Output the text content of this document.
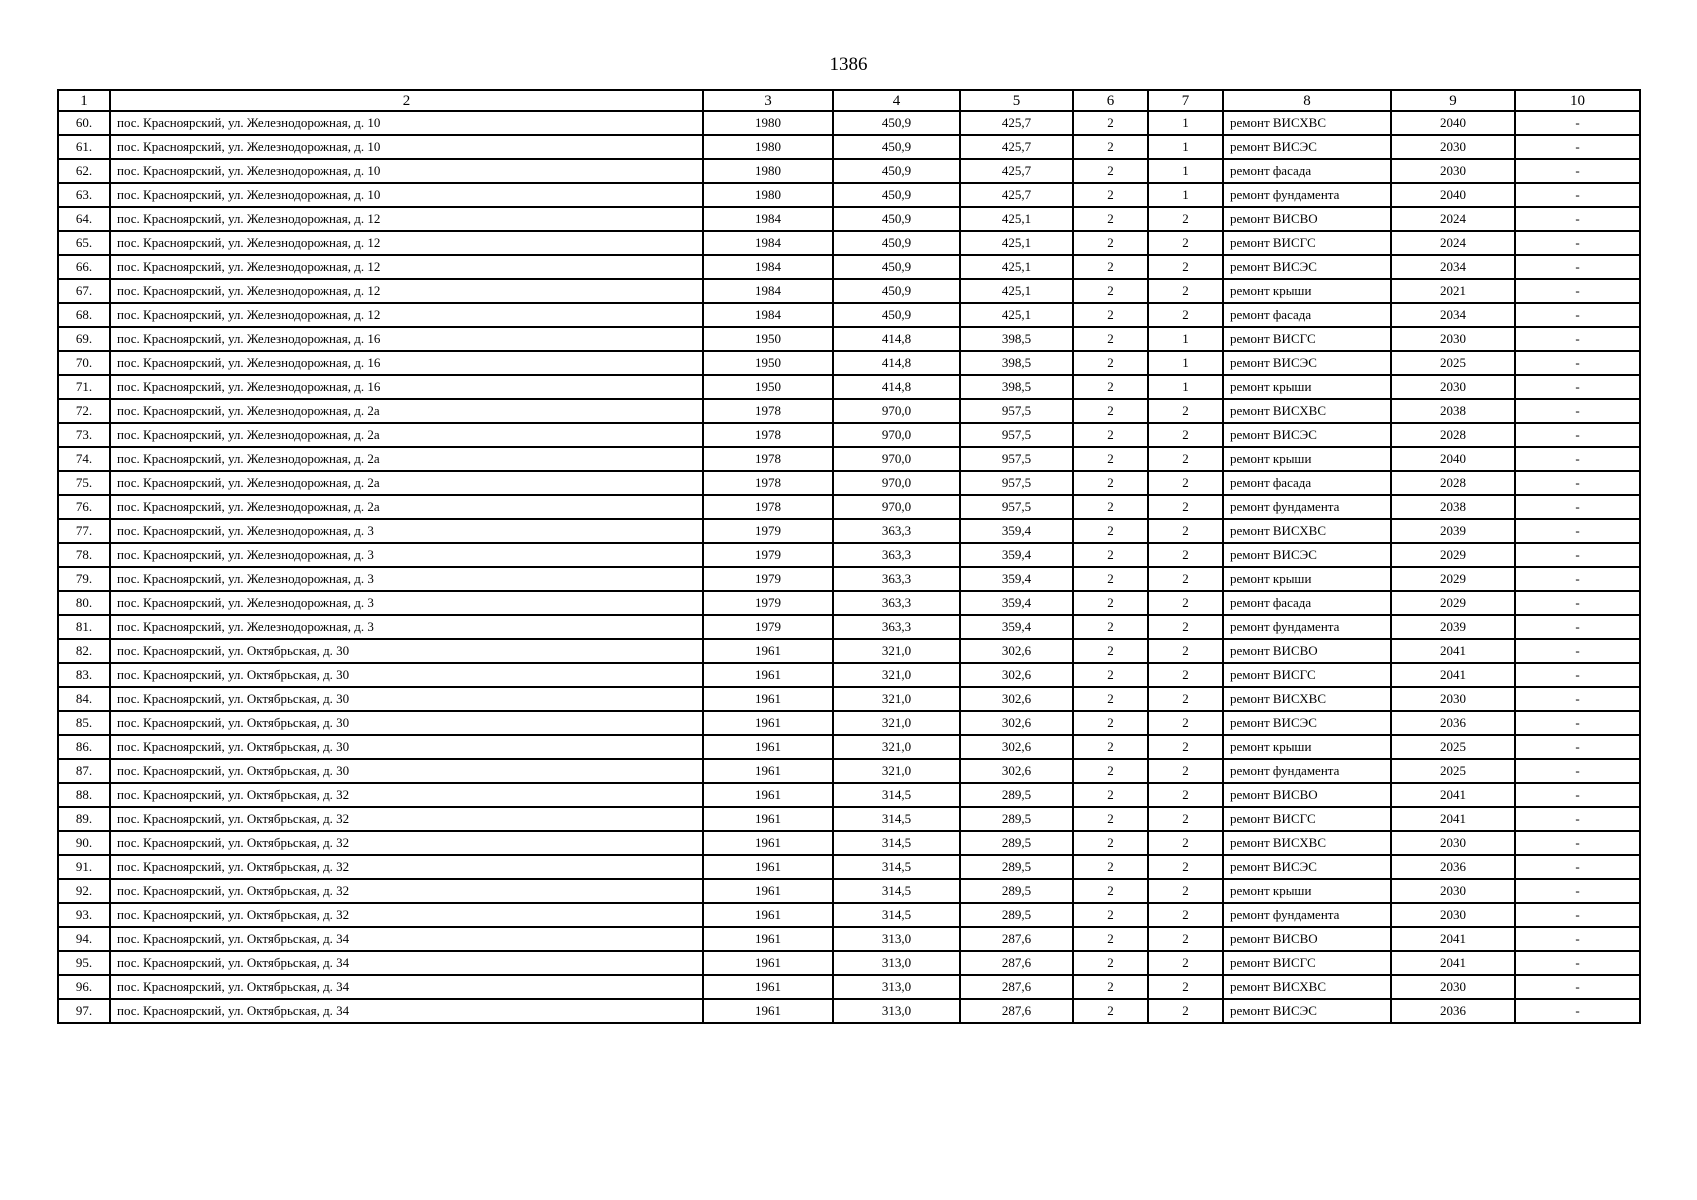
1386
1	2	3	4	5	6	7	8	9	10
60.	пос. Красноярский, ул. Железнодорожная, д. 10	1980	450,9	425,7	2	1	ремонт ВИСХВС	2040	-
61.	пос. Красноярский, ул. Железнодорожная, д. 10	1980	450,9	425,7	2	1	ремонт ВИСЭС	2030	-
62.	пос. Красноярский, ул. Железнодорожная, д. 10	1980	450,9	425,7	2	1	ремонт фасада	2030	-
63.	пос. Красноярский, ул. Железнодорожная, д. 10	1980	450,9	425,7	2	1	ремонт фундамента	2040	-
64.	пос. Красноярский, ул. Железнодорожная, д. 12	1984	450,9	425,1	2	2	ремонт ВИСВО	2024	-
65.	пос. Красноярский, ул. Железнодорожная, д. 12	1984	450,9	425,1	2	2	ремонт ВИСГС	2024	-
66.	пос. Красноярский, ул. Железнодорожная, д. 12	1984	450,9	425,1	2	2	ремонт ВИСЭС	2034	-
67.	пос. Красноярский, ул. Железнодорожная, д. 12	1984	450,9	425,1	2	2	ремонт крыши	2021	-
68.	пос. Красноярский, ул. Железнодорожная, д. 12	1984	450,9	425,1	2	2	ремонт фасада	2034	-
69.	пос. Красноярский, ул. Железнодорожная, д. 16	1950	414,8	398,5	2	1	ремонт ВИСГС	2030	-
70.	пос. Красноярский, ул. Железнодорожная, д. 16	1950	414,8	398,5	2	1	ремонт ВИСЭС	2025	-
71.	пос. Красноярский, ул. Железнодорожная, д. 16	1950	414,8	398,5	2	1	ремонт крыши	2030	-
72.	пос. Красноярский, ул. Железнодорожная, д. 2а	1978	970,0	957,5	2	2	ремонт ВИСХВС	2038	-
73.	пос. Красноярский, ул. Железнодорожная, д. 2а	1978	970,0	957,5	2	2	ремонт ВИСЭС	2028	-
74.	пос. Красноярский, ул. Железнодорожная, д. 2а	1978	970,0	957,5	2	2	ремонт крыши	2040	-
75.	пос. Красноярский, ул. Железнодорожная, д. 2а	1978	970,0	957,5	2	2	ремонт фасада	2028	-
76.	пос. Красноярский, ул. Железнодорожная, д. 2а	1978	970,0	957,5	2	2	ремонт фундамента	2038	-
77.	пос. Красноярский, ул. Железнодорожная, д. 3	1979	363,3	359,4	2	2	ремонт ВИСХВС	2039	-
78.	пос. Красноярский, ул. Железнодорожная, д. 3	1979	363,3	359,4	2	2	ремонт ВИСЭС	2029	-
79.	пос. Красноярский, ул. Железнодорожная, д. 3	1979	363,3	359,4	2	2	ремонт крыши	2029	-
80.	пос. Красноярский, ул. Железнодорожная, д. 3	1979	363,3	359,4	2	2	ремонт фасада	2029	-
81.	пос. Красноярский, ул. Железнодорожная, д. 3	1979	363,3	359,4	2	2	ремонт фундамента	2039	-
82.	пос. Красноярский, ул. Октябрьская, д. 30	1961	321,0	302,6	2	2	ремонт ВИСВО	2041	-
83.	пос. Красноярский, ул. Октябрьская, д. 30	1961	321,0	302,6	2	2	ремонт ВИСГС	2041	-
84.	пос. Красноярский, ул. Октябрьская, д. 30	1961	321,0	302,6	2	2	ремонт ВИСХВС	2030	-
85.	пос. Красноярский, ул. Октябрьская, д. 30	1961	321,0	302,6	2	2	ремонт ВИСЭС	2036	-
86.	пос. Красноярский, ул. Октябрьская, д. 30	1961	321,0	302,6	2	2	ремонт крыши	2025	-
87.	пос. Красноярский, ул. Октябрьская, д. 30	1961	321,0	302,6	2	2	ремонт фундамента	2025	-
88.	пос. Красноярский, ул. Октябрьская, д. 32	1961	314,5	289,5	2	2	ремонт ВИСВО	2041	-
89.	пос. Красноярский, ул. Октябрьская, д. 32	1961	314,5	289,5	2	2	ремонт ВИСГС	2041	-
90.	пос. Красноярский, ул. Октябрьская, д. 32	1961	314,5	289,5	2	2	ремонт ВИСХВС	2030	-
91.	пос. Красноярский, ул. Октябрьская, д. 32	1961	314,5	289,5	2	2	ремонт ВИСЭС	2036	-
92.	пос. Красноярский, ул. Октябрьская, д. 32	1961	314,5	289,5	2	2	ремонт крыши	2030	-
93.	пос. Красноярский, ул. Октябрьская, д. 32	1961	314,5	289,5	2	2	ремонт фундамента	2030	-
94.	пос. Красноярский, ул. Октябрьская, д. 34	1961	313,0	287,6	2	2	ремонт ВИСВО	2041	-
95.	пос. Красноярский, ул. Октябрьская, д. 34	1961	313,0	287,6	2	2	ремонт ВИСГС	2041	-
96.	пос. Красноярский, ул. Октябрьская, д. 34	1961	313,0	287,6	2	2	ремонт ВИСХВС	2030	-
97.	пос. Красноярский, ул. Октябрьская, д. 34	1961	313,0	287,6	2	2	ремонт ВИСЭС	2036	-
